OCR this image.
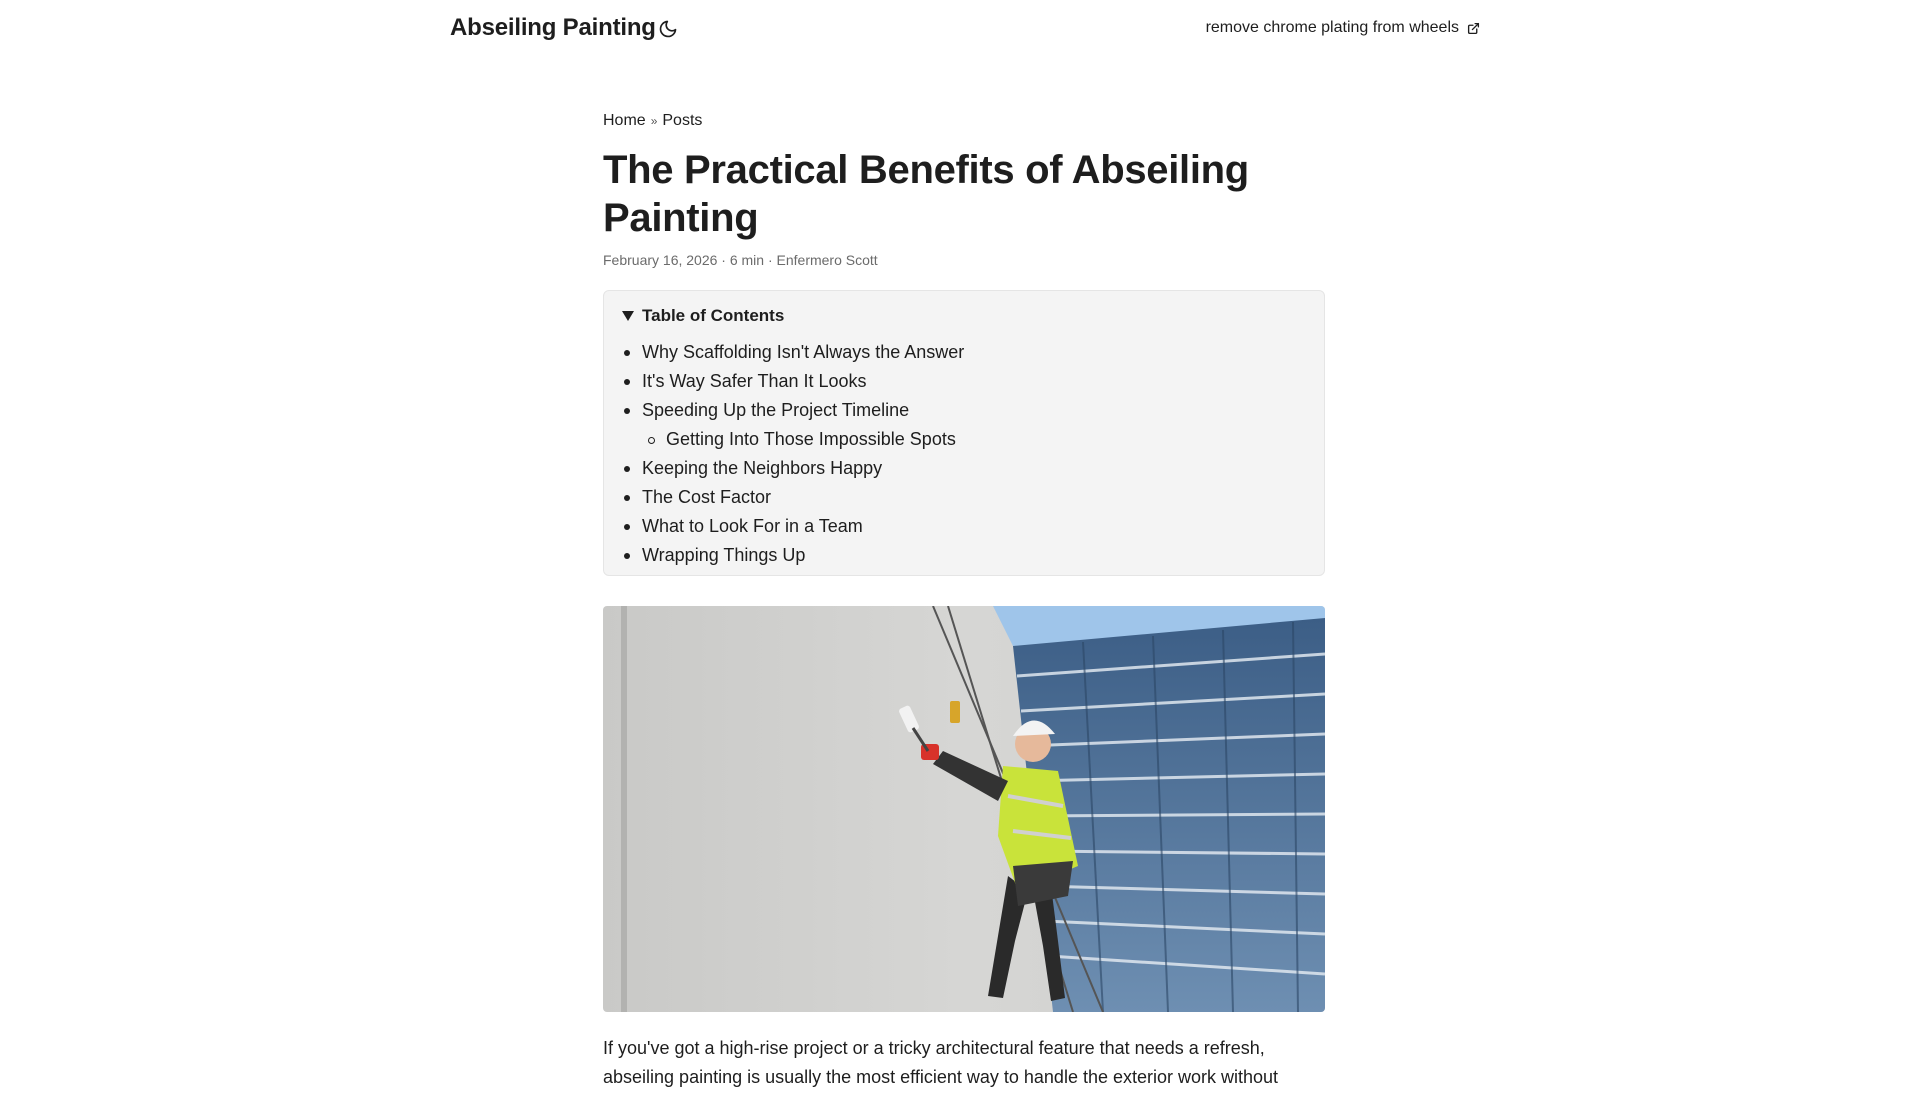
Abseiling Painting	remove chrome plating from wheels
Home » Posts
The Practical Benefits of Abseiling Painting
February 16, 2026 · 6 min · Enfermero Scott
Table of Contents
Why Scaffolding Isn't Always the Answer
It's Way Safer Than It Looks
Speeding Up the Project Timeline
Getting Into Those Impossible Spots
Keeping the Neighbors Happy
The Cost Factor
What to Look For in a Team
Wrapping Things Up

If you've got a high-rise project or a tricky architectural feature that needs a refresh, abseiling painting is usually the most efficient way to handle the exterior work without
